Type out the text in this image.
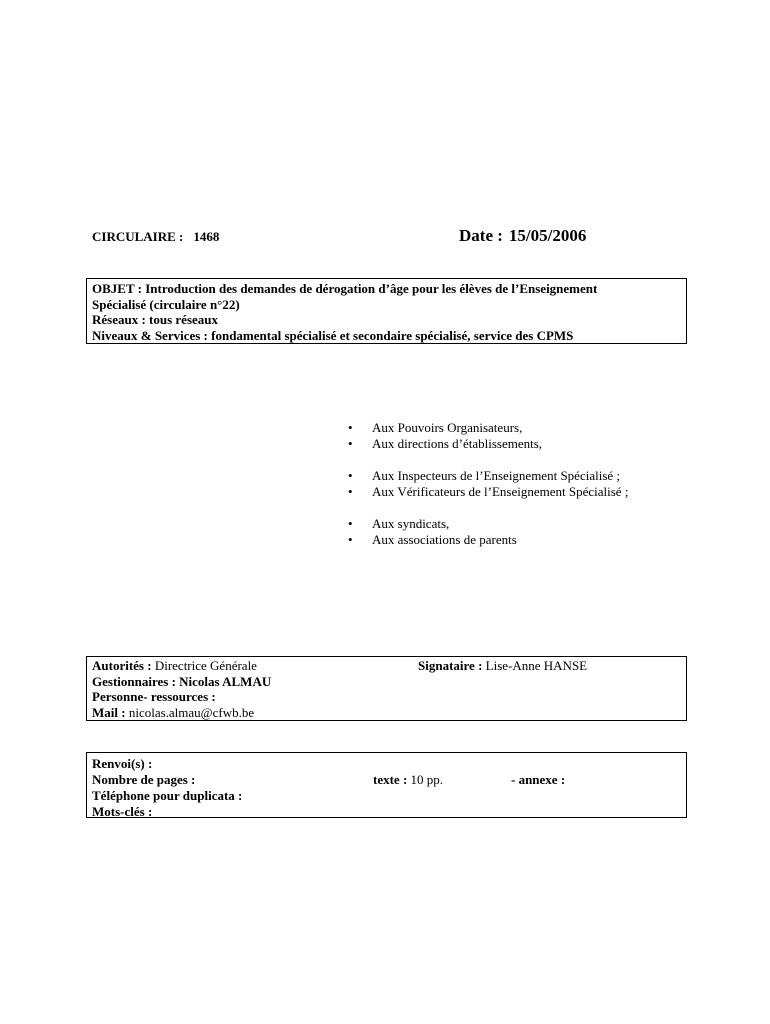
CIRCULAIRE : 1468	Date : 15/05/2006
OBJET : Introduction des demandes de dérogation d’âge pour les élèves de l’Enseignement
Spécialisé (circulaire n°22)
Réseaux : tous réseaux
Niveaux & Services : fondamental spécialisé et secondaire spécialisé, service des CPMS
•	Aux Pouvoirs Organisateurs,
•	Aux directions d’établissements,
•	Aux Inspecteurs de l’Enseignement Spécialisé ;
•	Aux Vérificateurs de l’Enseignement Spécialisé ;
•	Aux syndicats,
•	Aux associations de parents
Autorités : Directrice Générale	Signataire : Lise-Anne HANSE
Gestionnaires : Nicolas ALMAU
Personne- ressources :
Mail : nicolas.almau@cfwb.be
Renvoi(s) :
Nombre de pages :	texte : 10 pp.	- annexe :
Téléphone pour duplicata :
Mots-clés :
